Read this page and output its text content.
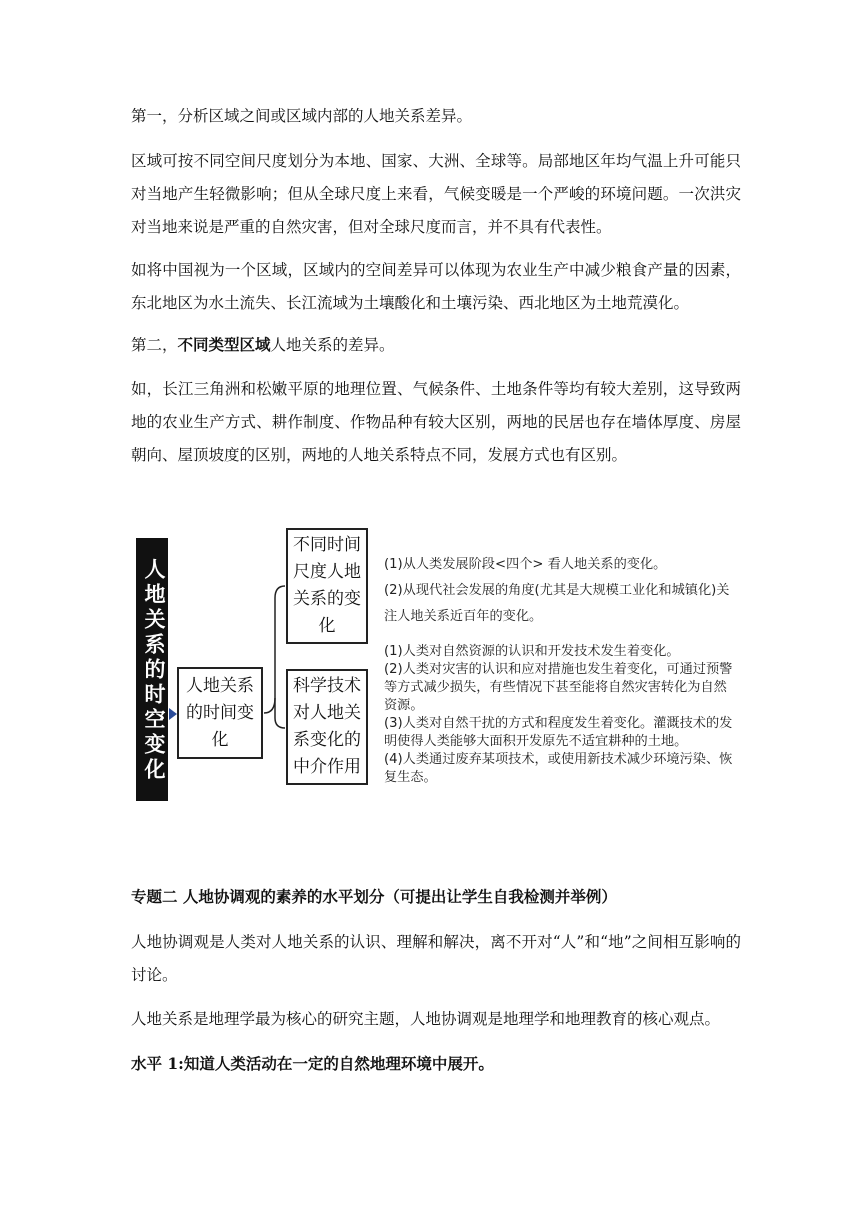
第一，分析区域之间或区域内部的人地关系差异。

区域可按不同空间尺度划分为本地、国家、大洲、全球等。局部地区年均气温上升可能只对当地产生轻微影响；但从全球尺度上来看，气候变暖是一个严峻的环境问题。一次洪灾对当地来说是严重的自然灾害，但对全球尺度而言，并不具有代表性。

如将中国视为一个区域，区域内的空间差异可以体现为农业生产中减少粮食产量的因素，东北地区为水土流失、长江流域为土壤酸化和土壤污染、西北地区为土地荒漠化。

第二，不同类型区域人地关系的差异。

如，长江三角洲和松嫩平原的地理位置、气候条件、土地条件等均有较大差别，这导致两地的农业生产方式、耕作制度、作物品种有较大区别，两地的民居也存在墙体厚度、房屋朝向、屋顶坡度的区别，两地的人地关系特点不同，发展方式也有区别。

人地关系的时空变化	人地关系的时间变化
不同时间尺度人地关系的变化
科学技术对人地关系变化的中介作用

(1)从人类发展阶段<四个> 看人地关系的变化。

(2)从现代社会发展的角度(尤其是大规模工业化和城镇化)关注人地关系近百年的变化。

(1)人类对自然资源的认识和开发技术发生着变化。

(2)人类对灾害的认识和应对措施也发生着变化，可通过预警等方式减少损失，有些情况下甚至能将自然灾害转化为自然资源。

(3)人类对自然干扰的方式和程度发生着变化。灌溉技术的发明使得人类能够大面积开发原先不适宜耕种的土地。

(4)人类通过废弃某项技术，或使用新技术减少环境污染、恢复生态。

专题二 人地协调观的素养的水平划分（可提出让学生自我检测并举例）

人地协调观是人类对人地关系的认识、理解和解决，离不开对“人”和“地”之间相互影响的讨论。

人地关系是地理学最为核心的研究主题，人地协调观是地理学和地理教育的核心观点。

水平 1:知道人类活动在一定的自然地理环境中展开。
